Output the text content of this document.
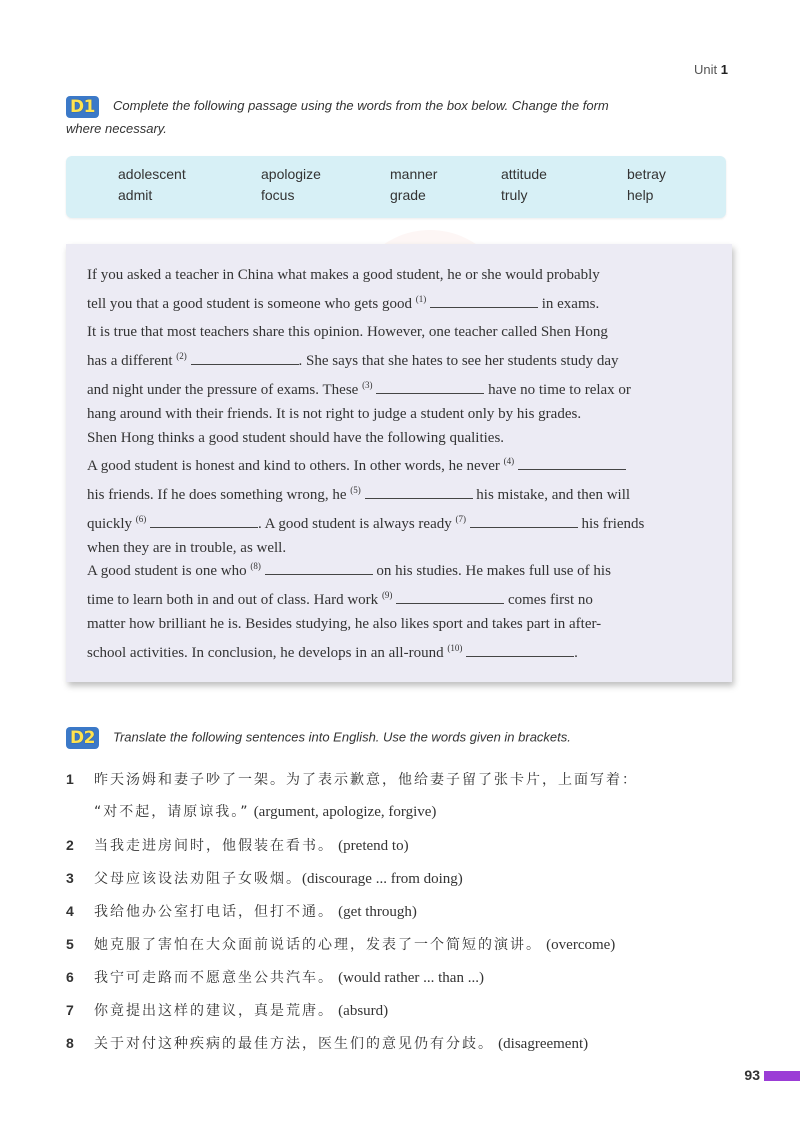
Unit 1
D1 Complete the following passage using the words from the box below. Change the form
where necessary.
adolescent	apologize	manner	attitude	betray
admit	focus	grade	truly	help
If you asked a teacher in China what makes a good student, he or she would probably
tell you that a good student is someone who gets good $^{(1)}$	in exams.
It is true that most teachers share this opinion. However, one teacher called Shen Hong
has a different $^{(2)}$	. She says that she hates to see her students study day
and night under the pressure of exams. These $^{(3)}$	have no time to relax or
hang around with their friends. It is not right to judge a student only by his grades.
Shen Hong thinks a good student should have the following qualities.
A good student is honest and kind to others. In other words, he never $^{(4)}$
his friends. If he does something wrong, he $^{(5)}$	his mistake, and then will
quickly $^{(6)}$	. A good student is always ready $^{(7)}$	his friends
when they are in trouble, as well.
A good student is one who $^{(8)}$	on his studies. He makes full use of his
time to learn both in and out of class. Hard work $^{(9)}$	comes first no
matter how brilliant he is. Besides studying, he also likes sport and takes part in after-
school activities. In conclusion, he develops in an all-round $^{(10)}$	.
D2 Translate the following sentences into English. Use the words given in brackets.
1 昨天汤姆和妻子吵了一架。为了表示歉意，他给妻子留了张卡片，上面写着：
“对不起，请原谅我。” (argument, apologize, forgive)
2 当我走进房间时，他假装在看书。 (pretend to)
3 父母应该设法劝阻子女吸烟。(discourage ... from doing)
4 我给他办公室打电话，但打不通。 (get through)
5 她克服了害怕在大众面前说话的心理，发表了一个简短的演讲。 (overcome)
6 我宁可走路而不愿意坐公共汽车。 (would rather ... than ...)
7 你竟提出这样的建议，真是荒唐。 (absurd)
8 关于对付这种疾病的最佳方法，医生们的意见仍有分歧。 (disagreement)
93
